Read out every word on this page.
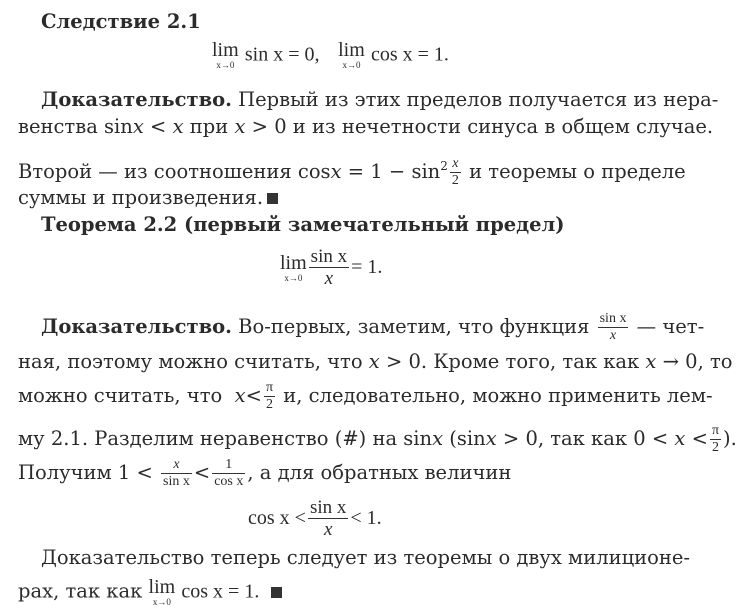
Следствие 2.1
lim
x→0 sin x = 0, lim
x→0 cos x = 1.
Доказательство. Первый из этих пределов получается из нера-
венства sinx < x при x > 0 и из нечетности синуса в общем случае.
Второй — из соотношения $\cos x = 1 - \sin^2 \frac{x}{2}$ и теоремы о пределе
суммы и произведения.
Теорема 2.2 (первый замечательный предел)
lim
$x\to 0 \frac{\text{sin x}}{x} = 1$.
Доказательство. Во-первых, заметим, что функция $\frac{\text{sin x}}{x}$ — чет-
ная, поэтому можно считать, что x > 0. Кроме того, так как x → 0, то
можно считать, что $x< \frac{\pi}{2} и$, следовательно, можно применить лем-
му 2.1. Разделим неравенство (#) на sinx (sinx > 0, так как $0 < x < \frac{\pi}{2}$ ).
Получим $1 < \frac{x}{\text{sin x}} < \frac{1}{\text{cos x}}$ , а для обратных величин
$\cos x < \frac{\text{sin x}}{x} < 1$.
Доказательство теперь следует из теоремы о двух милиционе-
рах, так как lim
x→0 cos x = 1.
